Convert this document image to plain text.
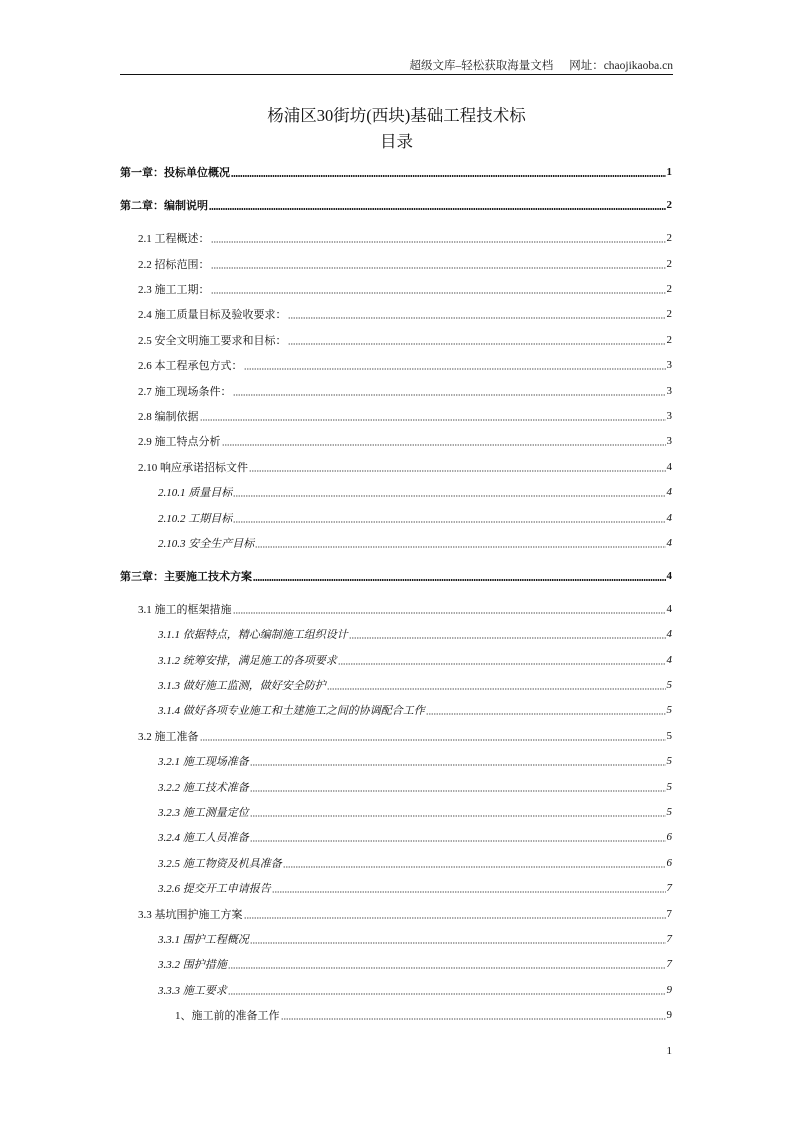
超级文库–轻松获取海量文档 网址：chaojikaoba.cn
杨浦区30街坊(西块)基础工程技术标
目录
第一章：投标单位概况	1
第二章：编制说明	2
2.1 工程概述：	2
2.2 招标范围：	2
2.3 施工工期：	2
2.4 施工质量目标及验收要求：	2
2.5 安全文明施工要求和目标：	2
2.6 本工程承包方式：	3
2.7 施工现场条件：	3
2.8 编制依据	3
2.9 施工特点分析	3
2.10 响应承诺招标文件	4
2.10.1 质量目标	4
2.10.2 工期目标	4
2.10.3 安全生产目标	4
第三章：主要施工技术方案	4
3.1 施工的框架措施	4
3.1.1 依据特点，精心编制施工组织设计	4
3.1.2 统筹安排，满足施工的各项要求	4
3.1.3 做好施工监测，做好安全防护	5
3.1.4 做好各项专业施工和土建施工之间的协调配合工作	5
3.2 施工准备	5
3.2.1 施工现场准备	5
3.2.2 施工技术准备	5
3.2.3 施工测量定位	5
3.2.4 施工人员准备	6
3.2.5 施工物资及机具准备	6
3.2.6 提交开工申请报告	7
3.3 基坑围护施工方案	7
3.3.1 围护工程概况	7
3.3.2 围护措施	7
3.3.3 施工要求	9
1、施工前的准备工作	9
1
